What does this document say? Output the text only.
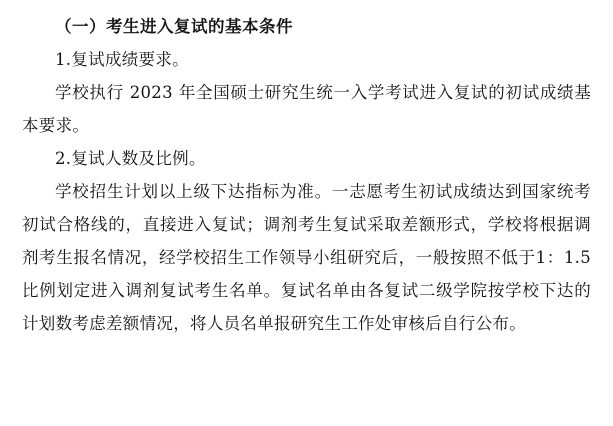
（一）考生进入复试的基本条件

1.复试成绩要求。

学校执行 2023 年全国硕士研究生统一入学考试进入复试的初试成绩基本要求。

2.复试人数及比例。

学校招生计划以上级下达指标为准。一志愿考生初试成绩达到国家统考初试合格线的，直接进入复试；调剂考生复试采取差额形式，学校将根据调剂考生报名情况，经学校招生工作领导小组研究后，一般按照不低于1：1.5 比例划定进入调剂复试考生名单。复试名单由各复试二级学院按学校下达的计划数考虑差额情况，将人员名单报研究生工作处审核后自行公布。
